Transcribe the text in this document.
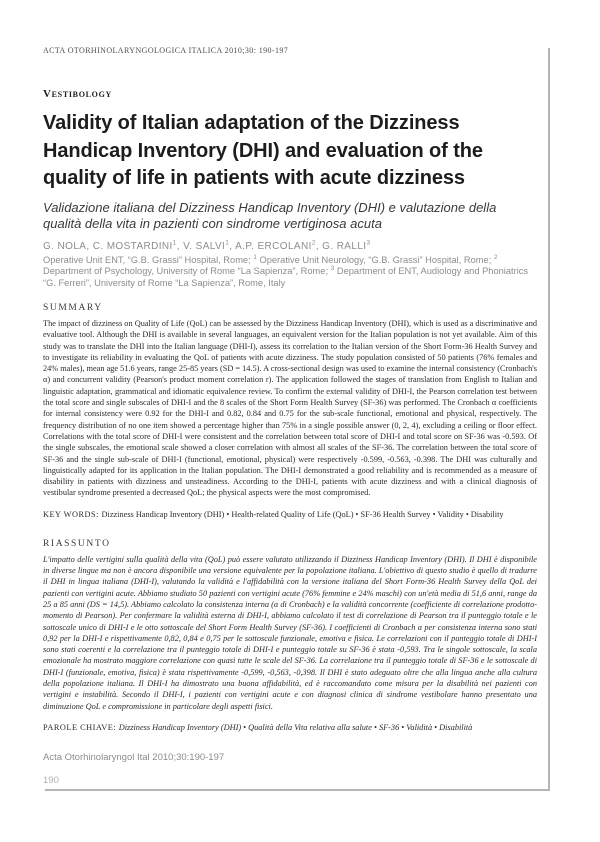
ACTA OTORHINOLARYNGOLOGICA ITALICA 2010;30: 190-197
Vestibology
Validity of Italian adaptation of the Dizziness Handicap Inventory (DHI) and evaluation of the quality of life in patients with acute dizziness
Validazione italiana del Dizziness Handicap Inventory (DHI) e valutazione della qualità della vita in pazienti con sindrome vertiginosa acuta
G. NOLA, C. MOSTARDINI$^1$, V. SALVI$^1$, A.P. ERCOLANI$^2$, G. RALLI$^3$

Operative Unit ENT, “G.B. Grassi” Hospital, Rome; $^1$ Operative Unit Neurology, “G.B. Grassi” Hospital, Rome; $^2$ Department of Psychology, University of Rome “La Sapienza”, Rome; $^3$ Department of ENT, Audiology and Phoniatrics “G. Ferreri”, University of Rome “La Sapienza”, Rome, Italy

SUMMARY

The impact of dizziness on Quality of Life (QoL) can be assessed by the Dizziness Handicap Inventory (DHI), which is used as a discriminative and evaluative tool. Although the DHI is available in several languages, an equivalent version for the Italian population is not yet available. Aim of this study was to translate the DHI into the Italian language (DHI-I), assess its correlation to the Italian version of the Short Form-36 Health Survey and to investigate its reliability in evaluating the QoL of patients with acute dizziness. The study population consisted of 50 patients (76% females and 24% males), mean age 51.6 years, range 25-85 years (SD = 14.5). A cross-sectional design was used to examine the internal consistency (Cronbach's α) and concurrent validity (Pearson's product moment correlation r). The application followed the stages of translation from English to Italian and linguistic adaptation, grammatical and idiomatic equivalence review. To confirm the external validity of DHI-I, the Pearson correlation test between the total score and single subscales of DHI-I and the 8 scales of the Short Form Health Survey (SF-36) was performed. The Cronbach α coefficients for internal consistency were 0.92 for the DHI-I and 0.82, 0.84 and 0.75 for the sub-scale functional, emotional and physical, respectively. The frequency distribution of no one item showed a percentage higher than 75% in a single possible answer (0, 2, 4), excluding a ceiling or floor effect. Correlations with the total score of DHI-I were consistent and the correlation between total score of DHI-I and total score on SF-36 was -0.593. Of the single subscales, the emotional scale showed a closer correlation with almost all scales of the SF-36. The correlation between the total score of SF-36 and the single sub-scale of DHI-I (functional, emotional, physical) were respectively -0.599, -0.563, -0.398. The DHI was culturally and linguistically adapted for its application in the Italian population. The DHI-I demonstrated a good reliability and is recommended as a measure of disability in patients with dizziness and unsteadiness. According to the DHI-I, patients with acute dizziness and with a clinical diagnosis of vestibular syndrome presented a decreased QoL; the physical aspects were the most compromised.

KEY WORDS: Dizziness Handicap Inventory (DHI) • Health-related Quality of Life (QoL) • SF-36 Health Survey • Validity • Disability

RIASSUNTO

L'impatto delle vertigini sulla qualità della vita (QoL) può essere valutato utilizzando il Dizziness Handicap Inventory (DHI). Il DHI è disponibile in diverse lingue ma non è ancora disponibile una versione equivalente per la popolazione italiana. L'obiettivo di questo studio è quello di tradurre il DHI in lingua italiana (DHI-I), valutando la validità e l'affidabilità con la versione italiana del Short Form-36 Health Survey della QoL dei pazienti con vertigini acute. Abbiamo studiato 50 pazienti con vertigini acute (76% femmine e 24% maschi) con un'età media di 51,6 anni, range da 25 a 85 anni (DS = 14,5). Abbiamo calcolato la consistenza interna (α di Cronbach) e la validità concorrente (coefficiente di correlazione prodotto-momento di Pearson). Per confermare la validità esterna di DHI-I, abbiamo calcolato il test di correlazione di Pearson tra il punteggio totale e le sottoscale unico di DHI-I e le otto sottoscale del Short Form Health Survey (SF-36). I coefficienti di Cronbach α per consistenza interna sono stati 0,92 per la DHI-I e rispettivamente 0,82, 0,84 e 0,75 per le sottoscale funzionale, emotiva e fisica. Le correlazioni con il punteggio totale di DHI-I sono stati coerenti e la correlazione tra il punteggio totale di DHI-I e punteggio totale su SF-36 è stata -0,593. Tra le singole sottoscale, la scala emozionale ha mostrato maggiore correlazione con quasi tutte le scale del SF-36. La correlazione tra il punteggio totale di SF-36 e le sottoscale di DHI-I (funzionale, emotiva, fisica) è stata rispettivamente -0,599, -0,563, -0,398. Il DHI è stato adeguato oltre che alla lingua anche alla cultura della popolazione italiana. Il DHI-I ha dimostrato una buona affidabilità, ed è raccomandato come misura per la disabilità nei pazienti con vertigini e instabilità. Secondo il DHI-I, i pazienti con vertigini acute e con diagnosi clinica di sindrome vestibolare hanno presentato una diminuzione QoL e compromissione in particolare degli aspetti fisici.

PAROLE CHIAVE: Dizziness Handicap Inventory (DHI) • Qualità della Vita relativa alla salute • SF-36 • Validità • Disabilità

Acta Otorhinolaryngol Ital 2010;30:190-197
190
